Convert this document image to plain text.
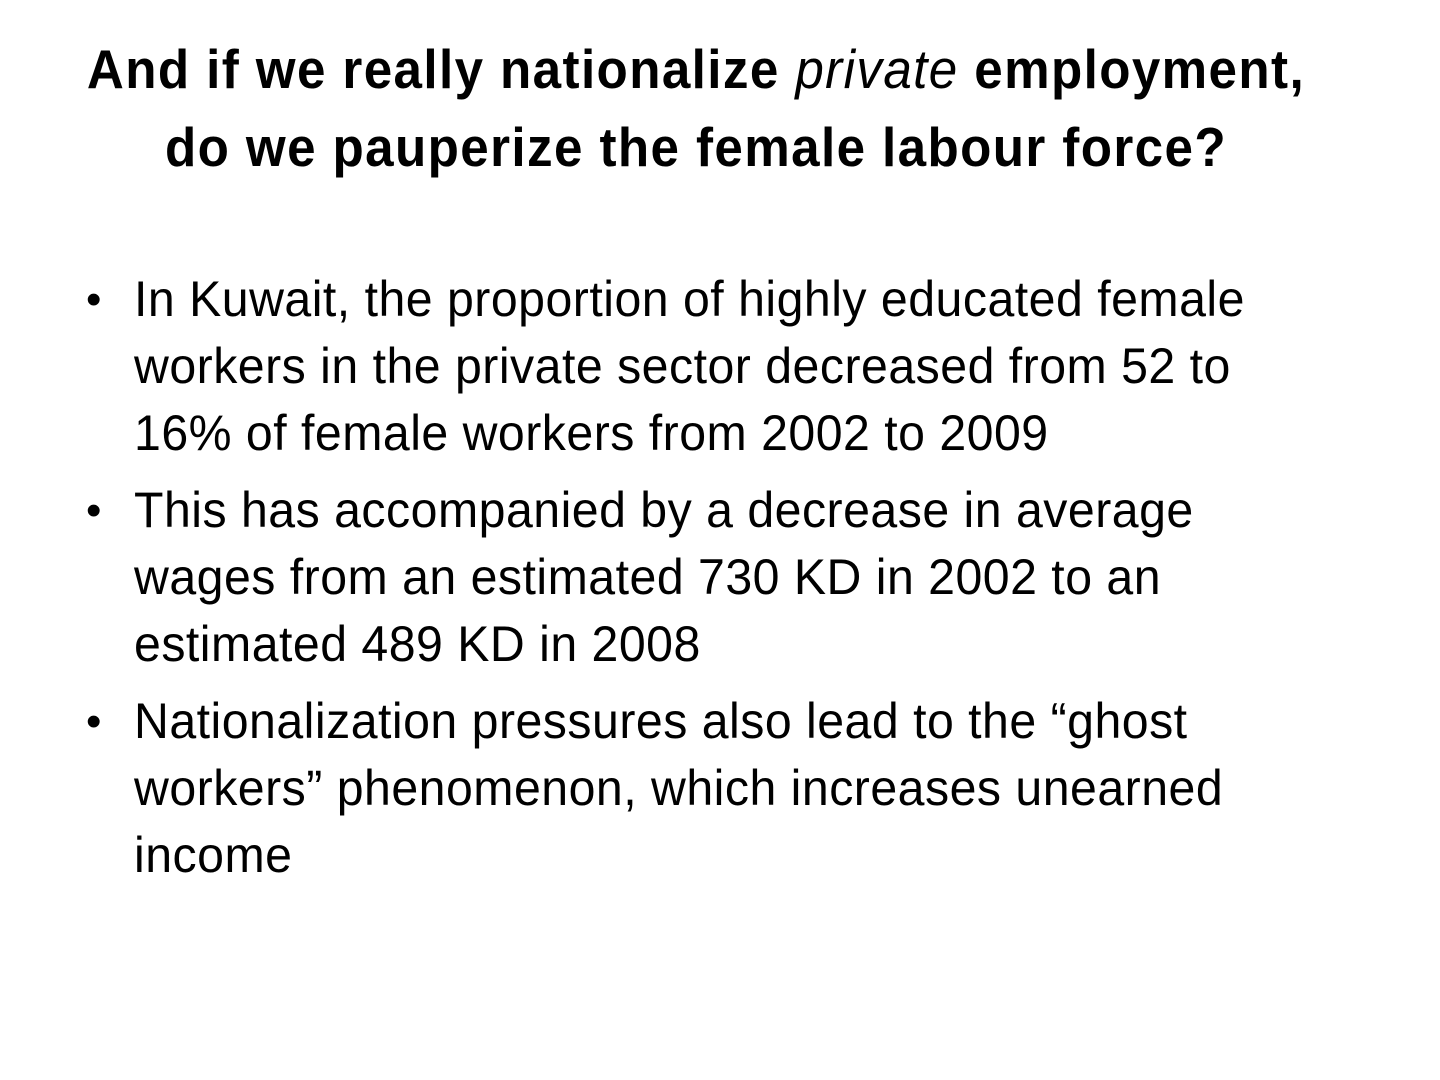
And if we really nationalize private employment, do we pauperize the female labour force?
• In Kuwait, the proportion of highly educated female workers in the private sector decreased from 52 to 16% of female workers from 2002 to 2009
• This has accompanied by a decrease in average wages from an estimated 730 KD in 2002 to an estimated 489 KD in 2008
• Nationalization pressures also lead to the “ghost workers” phenomenon, which increases unearned income
